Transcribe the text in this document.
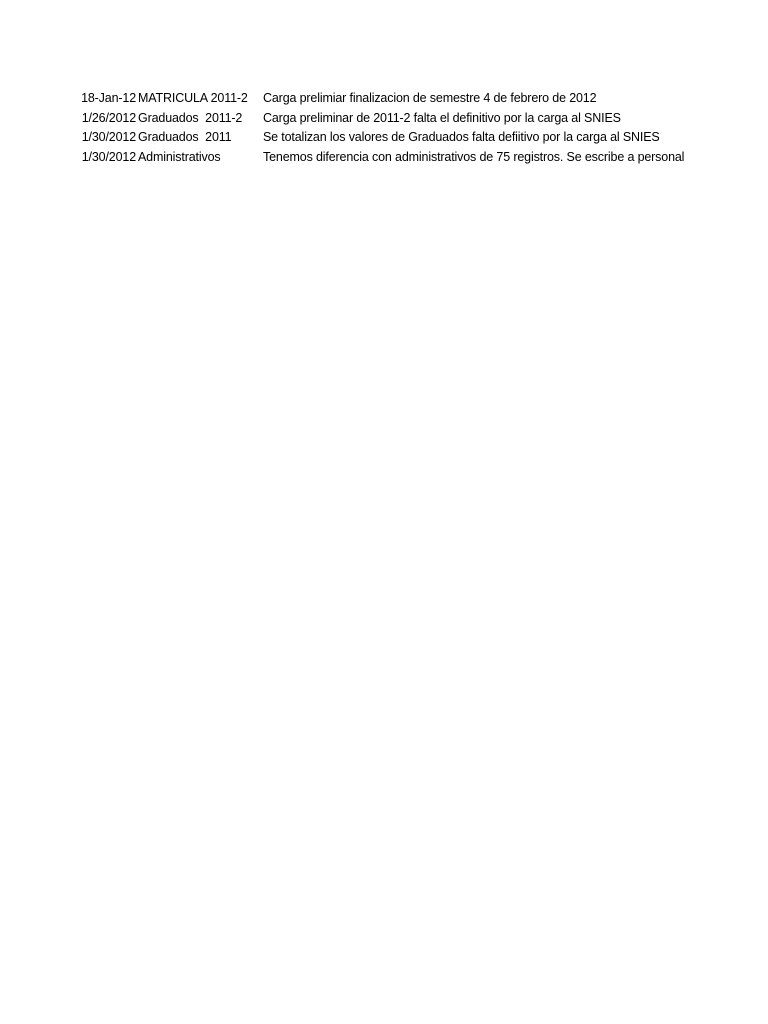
18-Jan-12	MATRICULA 2011-2	Carga prelimiar finalizacion de semestre 4 de febrero de 2012
1/26/2012	Graduados  2011-2	Carga preliminar de 2011-2 falta el definitivo por la carga al SNIES
1/30/2012	Graduados  2011	Se totalizan los valores de Graduados falta defiitivo por la carga al SNIES
1/30/2012	Administrativos	Tenemos diferencia con administrativos de 75 registros. Se escribe a personal
